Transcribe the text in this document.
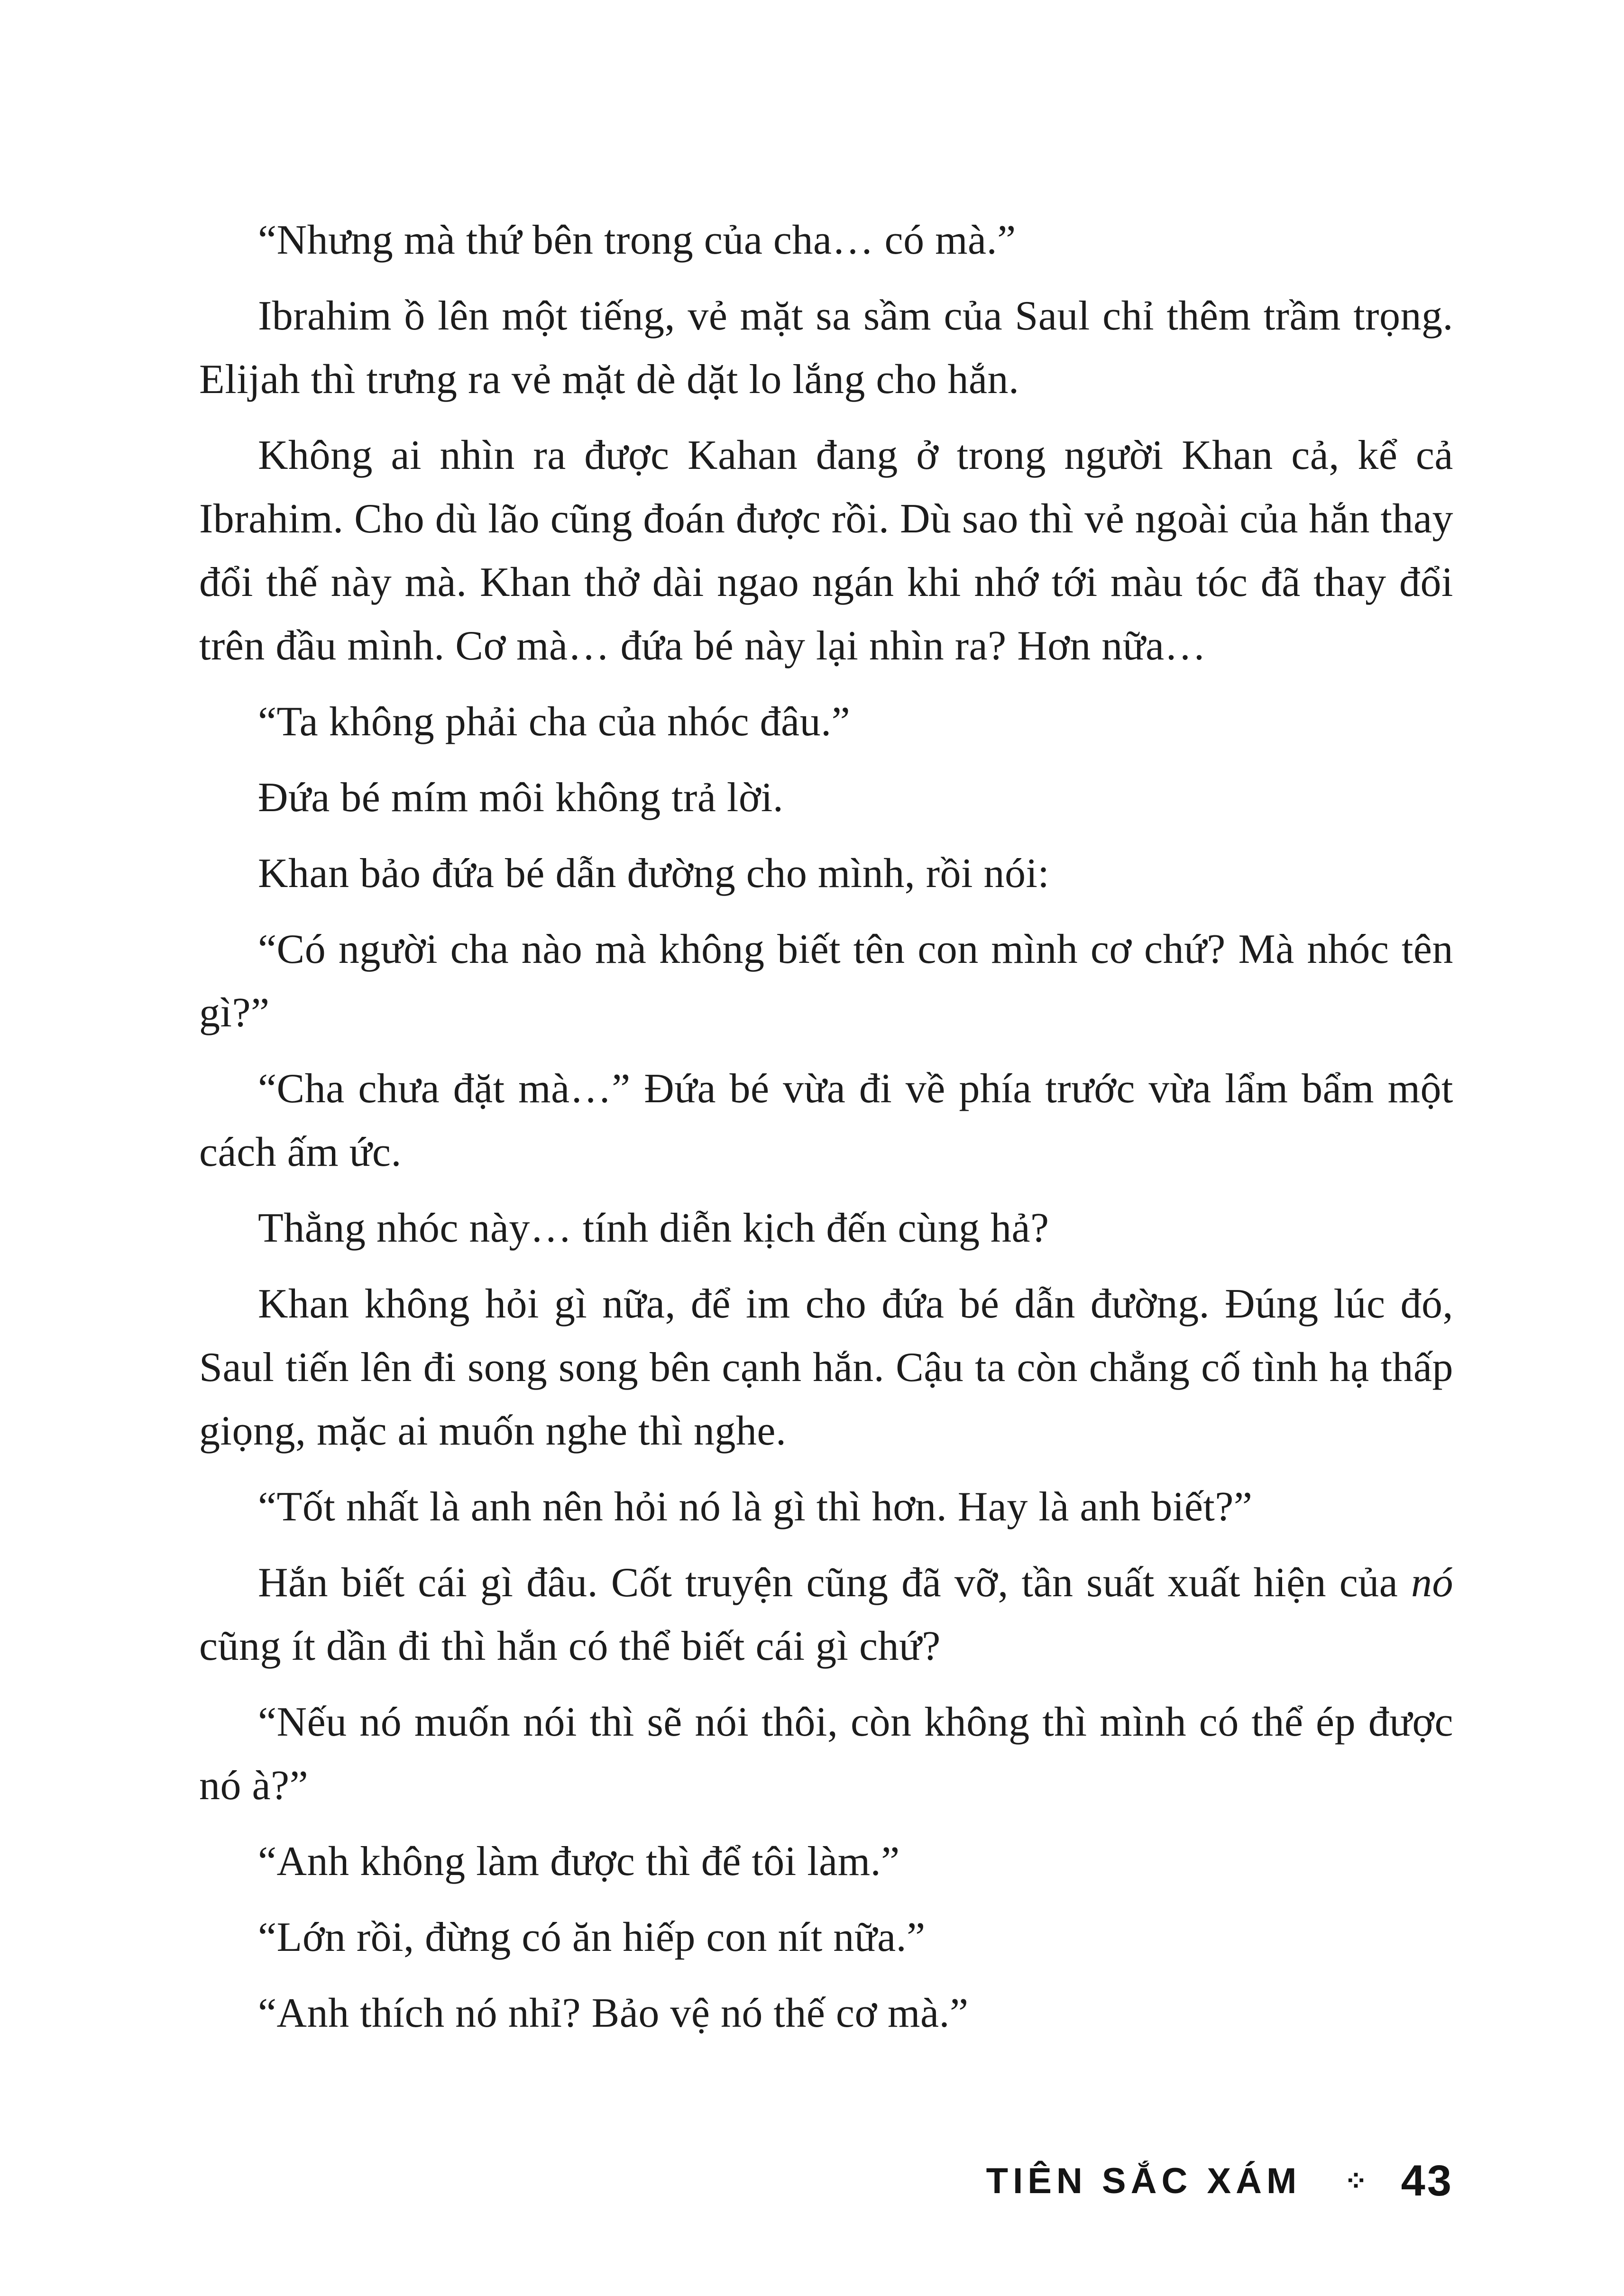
“Nhưng mà thứ bên trong của cha… có mà.”

Ibrahim ồ lên một tiếng, vẻ mặt sa sầm của Saul chỉ thêm trầm trọng. Elijah thì trưng ra vẻ mặt dè dặt lo lắng cho hắn.

Không ai nhìn ra được Kahan đang ở trong người Khan cả, kể cả Ibrahim. Cho dù lão cũng đoán được rồi. Dù sao thì vẻ ngoài của hắn thay đổi thế này mà. Khan thở dài ngao ngán khi nhớ tới màu tóc đã thay đổi trên đầu mình. Cơ mà… đứa bé này lại nhìn ra? Hơn nữa…

“Ta không phải cha của nhóc đâu.”

Đứa bé mím môi không trả lời.

Khan bảo đứa bé dẫn đường cho mình, rồi nói:

“Có người cha nào mà không biết tên con mình cơ chứ? Mà nhóc tên gì?”

“Cha chưa đặt mà…” Đứa bé vừa đi về phía trước vừa lẩm bẩm một cách ấm ức.

Thằng nhóc này… tính diễn kịch đến cùng hả?

Khan không hỏi gì nữa, để im cho đứa bé dẫn đường. Đúng lúc đó, Saul tiến lên đi song song bên cạnh hắn. Cậu ta còn chẳng cố tình hạ thấp giọng, mặc ai muốn nghe thì nghe.

“Tốt nhất là anh nên hỏi nó là gì thì hơn. Hay là anh biết?”

Hắn biết cái gì đâu. Cốt truyện cũng đã vỡ, tần suất xuất hiện của nó cũng ít dần đi thì hắn có thể biết cái gì chứ?

“Nếu nó muốn nói thì sẽ nói thôi, còn không thì mình có thể ép được nó à?”

“Anh không làm được thì để tôi làm.”

“Lớn rồi, đừng có ăn hiếp con nít nữa.”

“Anh thích nó nhỉ? Bảo vệ nó thế cơ mà.”

TIÊN SẮC XÁM ⁘ 43
